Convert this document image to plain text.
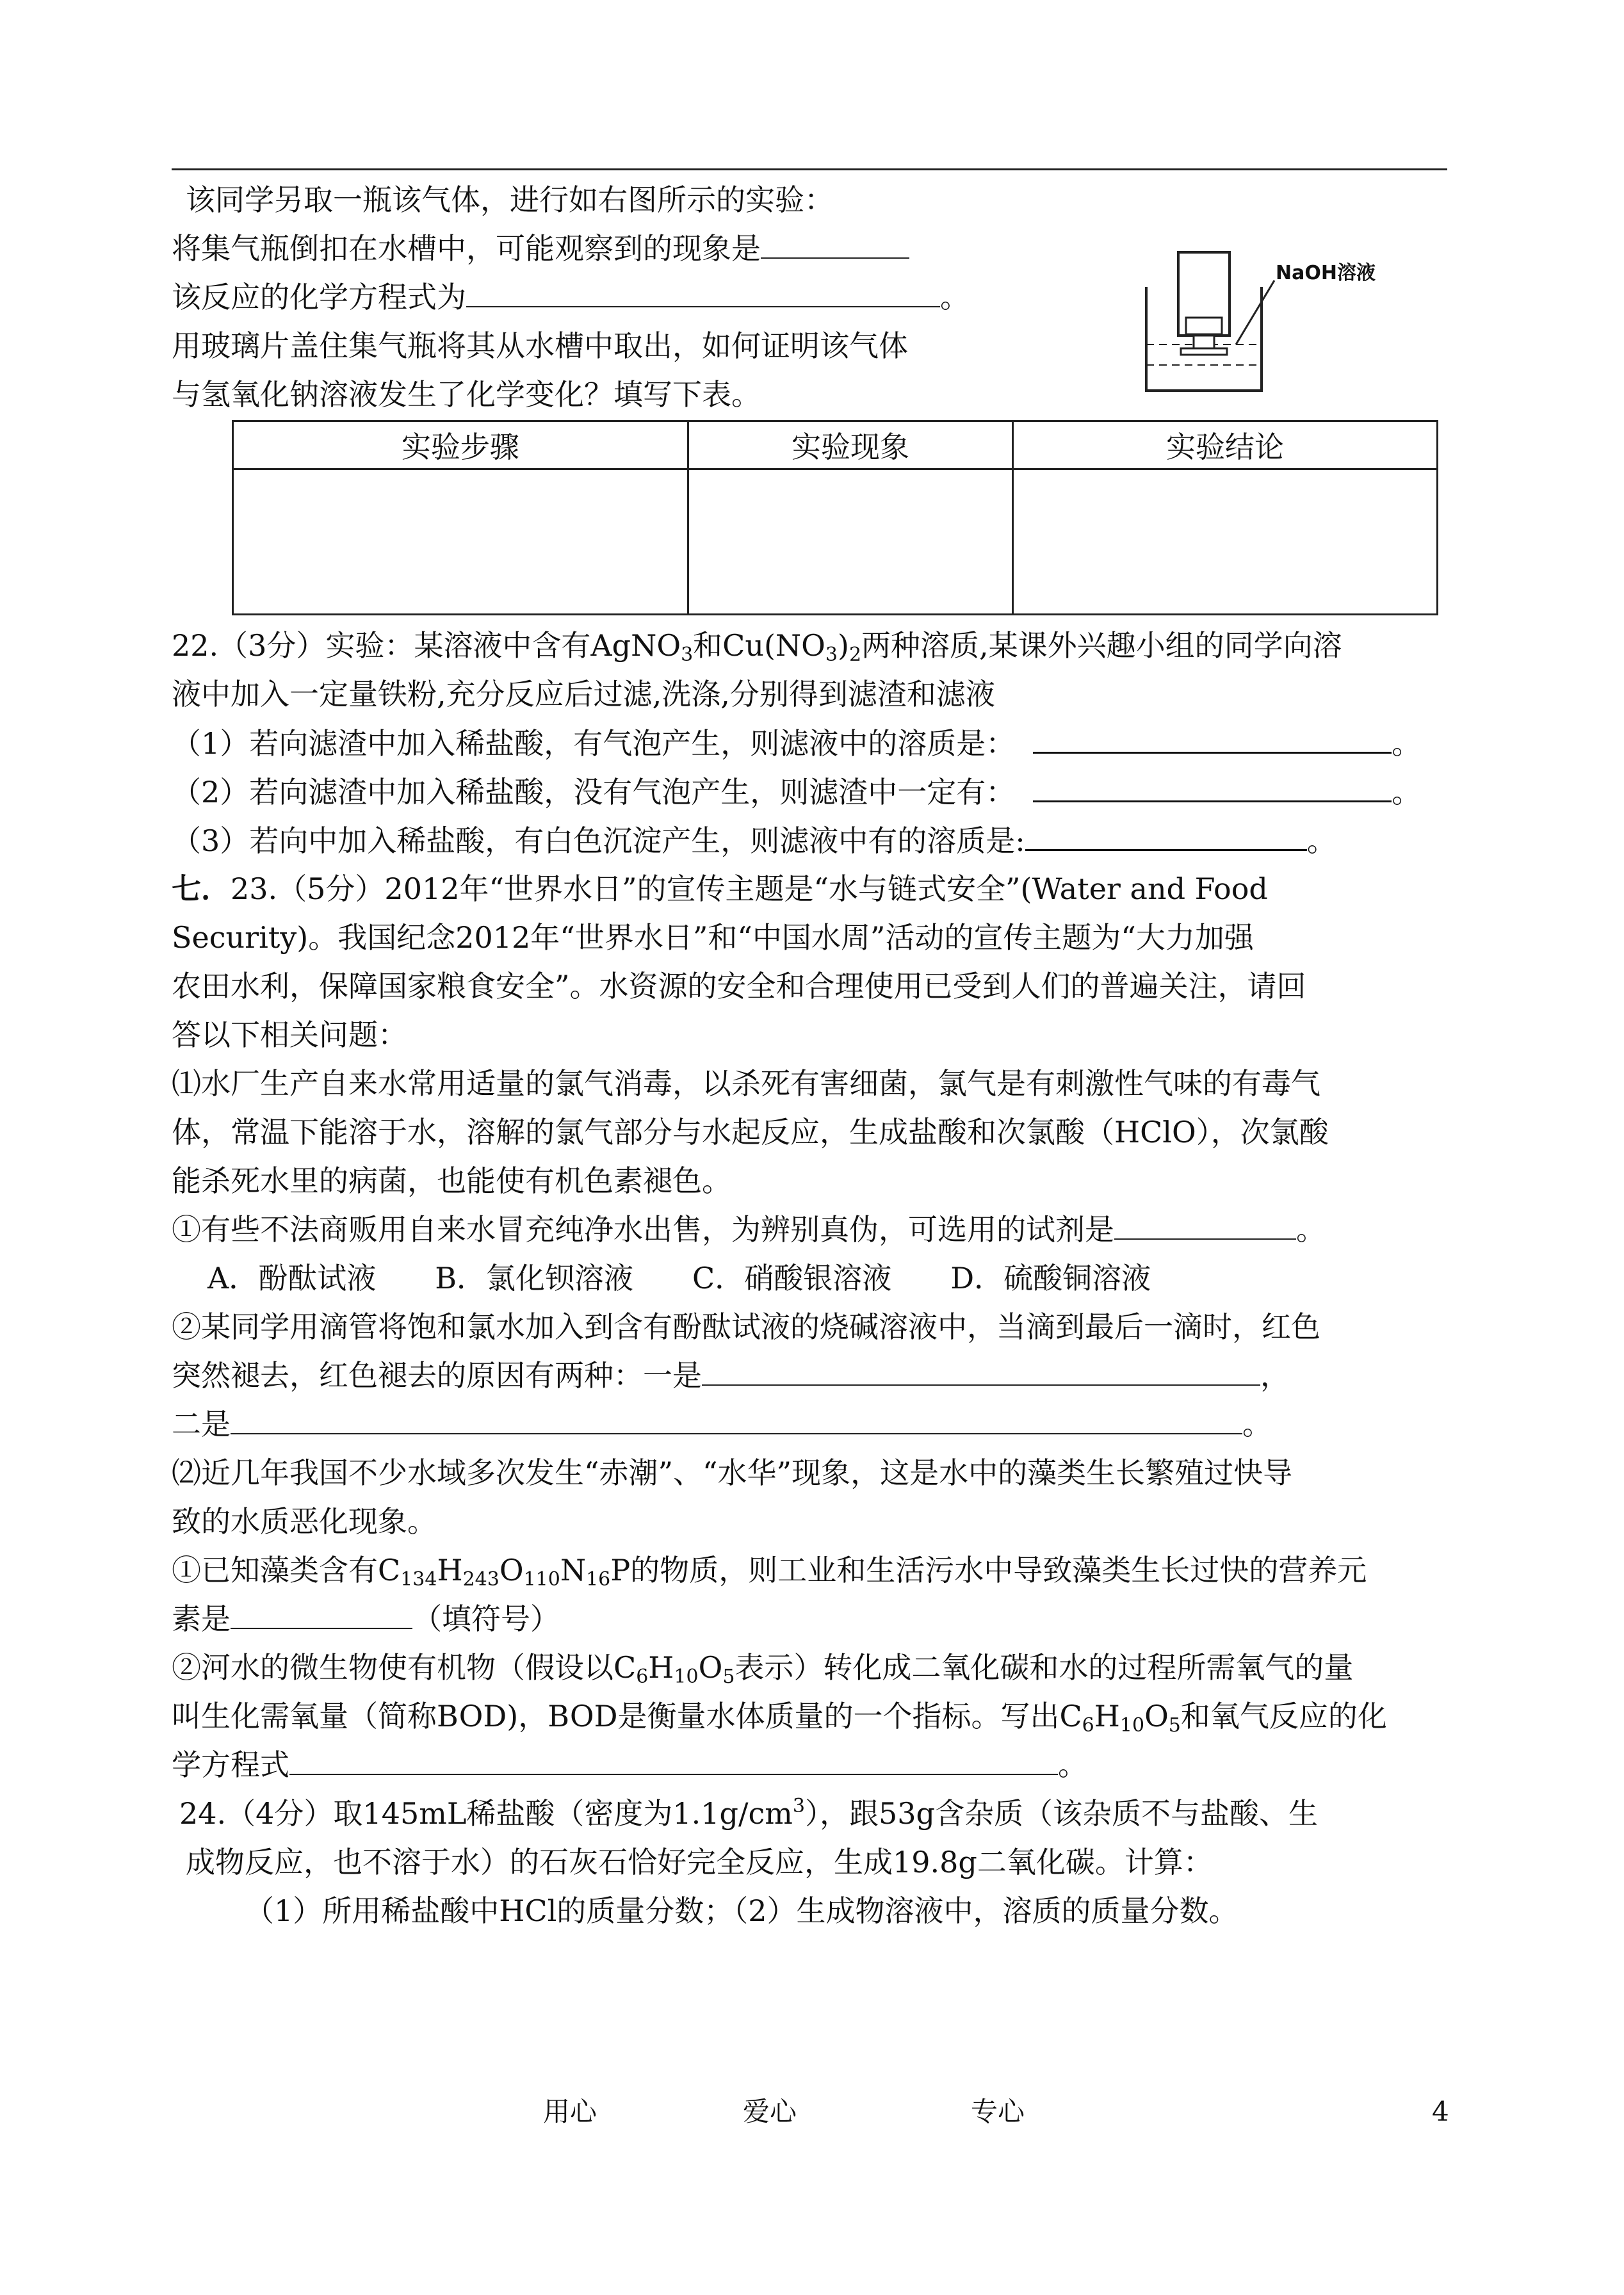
该同学另取一瓶该气体，进行如右图所示的实验：
将集气瓶倒扣在水槽中，可能观察到的现象是
该反应的化学方程式为	。
用玻璃片盖住集气瓶将其从水槽中取出，如何证明该气体
与氢氧化钠溶液发生了化学变化？填写下表。
NaOH溶液
实验步骤	实验现象	实验结论

22.（3分）实验：某溶液中含有AgNO$_3$和$Cu(NO_3)_2$两种溶质,某课外兴趣小组的同学向溶
液中加入一定量铁粉,充分反应后过滤,洗涤,分别得到滤渣和滤液
（1）若向滤渣中加入稀盐酸，有气泡产生，则滤液中的溶质是：	。
（2）若向滤渣中加入稀盐酸，没有气泡产生，则滤渣中一定有：	。
（3）若向中加入稀盐酸，有白色沉淀产生，则滤液中有的溶质是:	。
七．23.（5分）2012年“世界水日”的宣传主题是“水与链式安全”(Water and Food
Security)。我国纪念2012年“世界水日”和“中国水周”活动的宣传主题为“大力加强
农田水利，保障国家粮食安全”。水资源的安全和合理使用已受到人们的普遍关注，请回
答以下相关问题：
⑴水厂生产自来水常用适量的氯气消毒，以杀死有害细菌，氯气是有刺激性气味的有毒气
体，常温下能溶于水，溶解的氯气部分与水起反应，生成盐酸和次氯酸（HClO），次氯酸
能杀死水里的病菌，也能使有机色素褪色。
①有些不法商贩用自来水冒充纯净水出售，为辨别真伪，可选用的试剂是	。
A．酚酞试液　　B．氯化钡溶液　　C．硝酸银溶液　　D．硫酸铜溶液
②某同学用滴管将饱和氯水加入到含有酚酞试液的烧碱溶液中，当滴到最后一滴时，红色
突然褪去，红色褪去的原因有两种：一是	，
二是	。
⑵近几年我国不少水域多次发生“赤潮”、“水华”现象，这是水中的藻类生长繁殖过快导
致的水质恶化现象。
①已知藻类含有$C_{134}H_{243}O_{110}N_{16}P$的物质，则工业和生活污水中导致藻类生长过快的营养元
素是	（填符号）
②河水的微生物使有机物（假设以$C_6H_{10}O_5$表示）转化成二氧化碳和水的过程所需氧气的量
叫生化需氧量（简称BOD)，BOD是衡量水体质量的一个指标。写出$C_6H_{10}O_5$和氧气反应的化
学方程式	。
24.（4分）取145mL稀盐酸（密度为$1.1g/cm^3$），跟53g含杂质（该杂质不与盐酸、生
成物反应，也不溶于水）的石灰石恰好完全反应，生成19.8g二氧化碳。计算：
（1）所用稀盐酸中HCl的质量分数；（2）生成物溶液中，溶质的质量分数。
用心	爱心	专心	4
